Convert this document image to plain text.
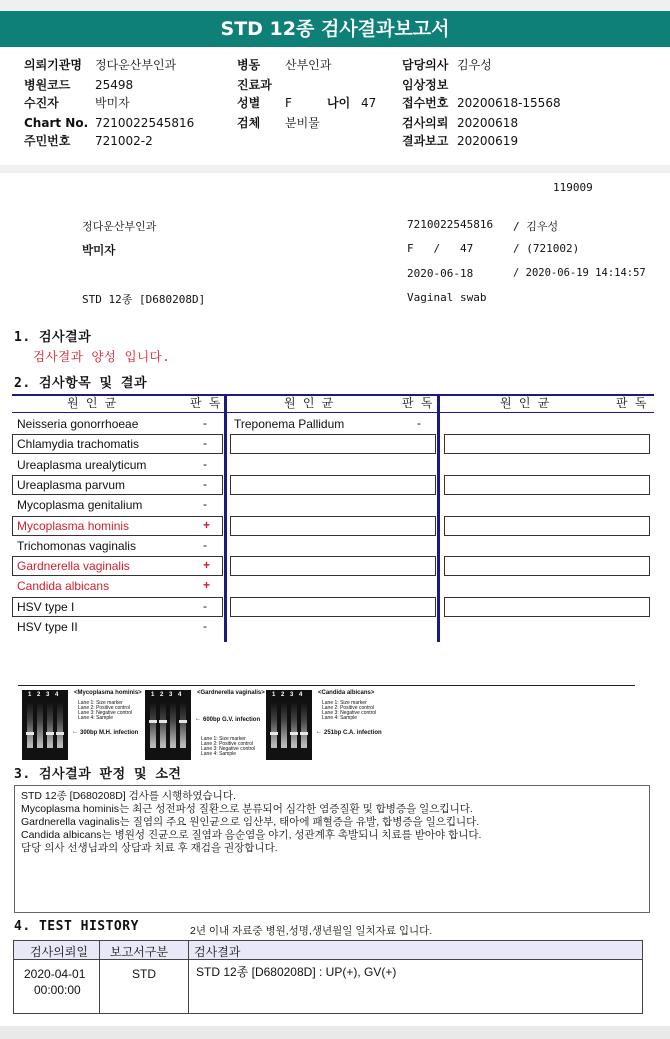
STD 12종 검사결과보고서
의뢰기관명 정다운산부인과
병원코드 25498
수진자	박미자
Chart No. 7210022545816
주민번호 721002-2
병동 산부인과
진료과
성별 F	나이 47
검체 분비물
담당의사 김우성
임상정보
접수번호 20200618-15568
검사의뢰 20200618
결과보고 20200619
119009
정다운산부인과
박미자
STD 12종 [D680208D]
7210022545816 / 김우성
F   /   47	/ (721002)
2020-06-18	/ 2020-06-19 14:14:57
Vaginal swab
1. 검사결과
검사결과 양성 입니다.
2. 검사항목 및 결과
원 인 균	판 독	원 인 균	판 독	원 인 균	판 독
Neisseria gonorrhoeae	-
Chlamydia trachomatis	-
Ureaplasma urealyticum	-
Ureaplasma parvum	-
Mycoplasma genitalium	-
Mycoplasma hominis	+
Trichomonas vaginalis	-
Gardnerella vaginalis	+
Candida albicans	+
HSV type I	-
HSV type II	-
Treponema Pallidum	-
1 2 3 4 <Mycoplasma hominis>
300bp M.H. infection
←
Lane 1: Size marker
Lane 2: Positive control
Lane 3: Negative control
Lane 4: Sample
1 2 3 4 <Gardnerella vaginalis>
600bp G.V. infection
←
Lane 1: Size marker
Lane 2: Positive control
Lane 3: Negative control
Lane 4: Sample
1 2 3 4 <Candida albicans>
251bp C.A. infection
←
Lane 1: Size marker
Lane 2: Positive control
Lane 3: Negative control
Lane 4: Sample
3. 검사결과 판정 및 소견
STD 12종 [D680208D] 검사를 시행하였습니다.
Mycoplasma hominis는 최근 성전파성 질환으로 분류되어 심각한 염증질환 및 합병증을 일으킵니다.
Gardnerella vaginalis는 질염의 주요 원인균으로 임산부, 태아에 패혈증을 유발, 합병증을 일으킵니다.
Candida albicans는 병원성 진균으로 질염과 음순염을 야기, 성관계후 촉발되니 치료를 받아야 합니다.
담당 의사 선생님과의 상담과 치료 후 재검을 권장합니다.
4. TEST HISTORY	2년 이내 자료중 병원,성명,생년월일 일치자료 입니다.
검사의뢰일 보고서구분 검사결과
2020-04-01
00:00:00
STD	STD 12종 [D680208D] : UP(+), GV(+)
